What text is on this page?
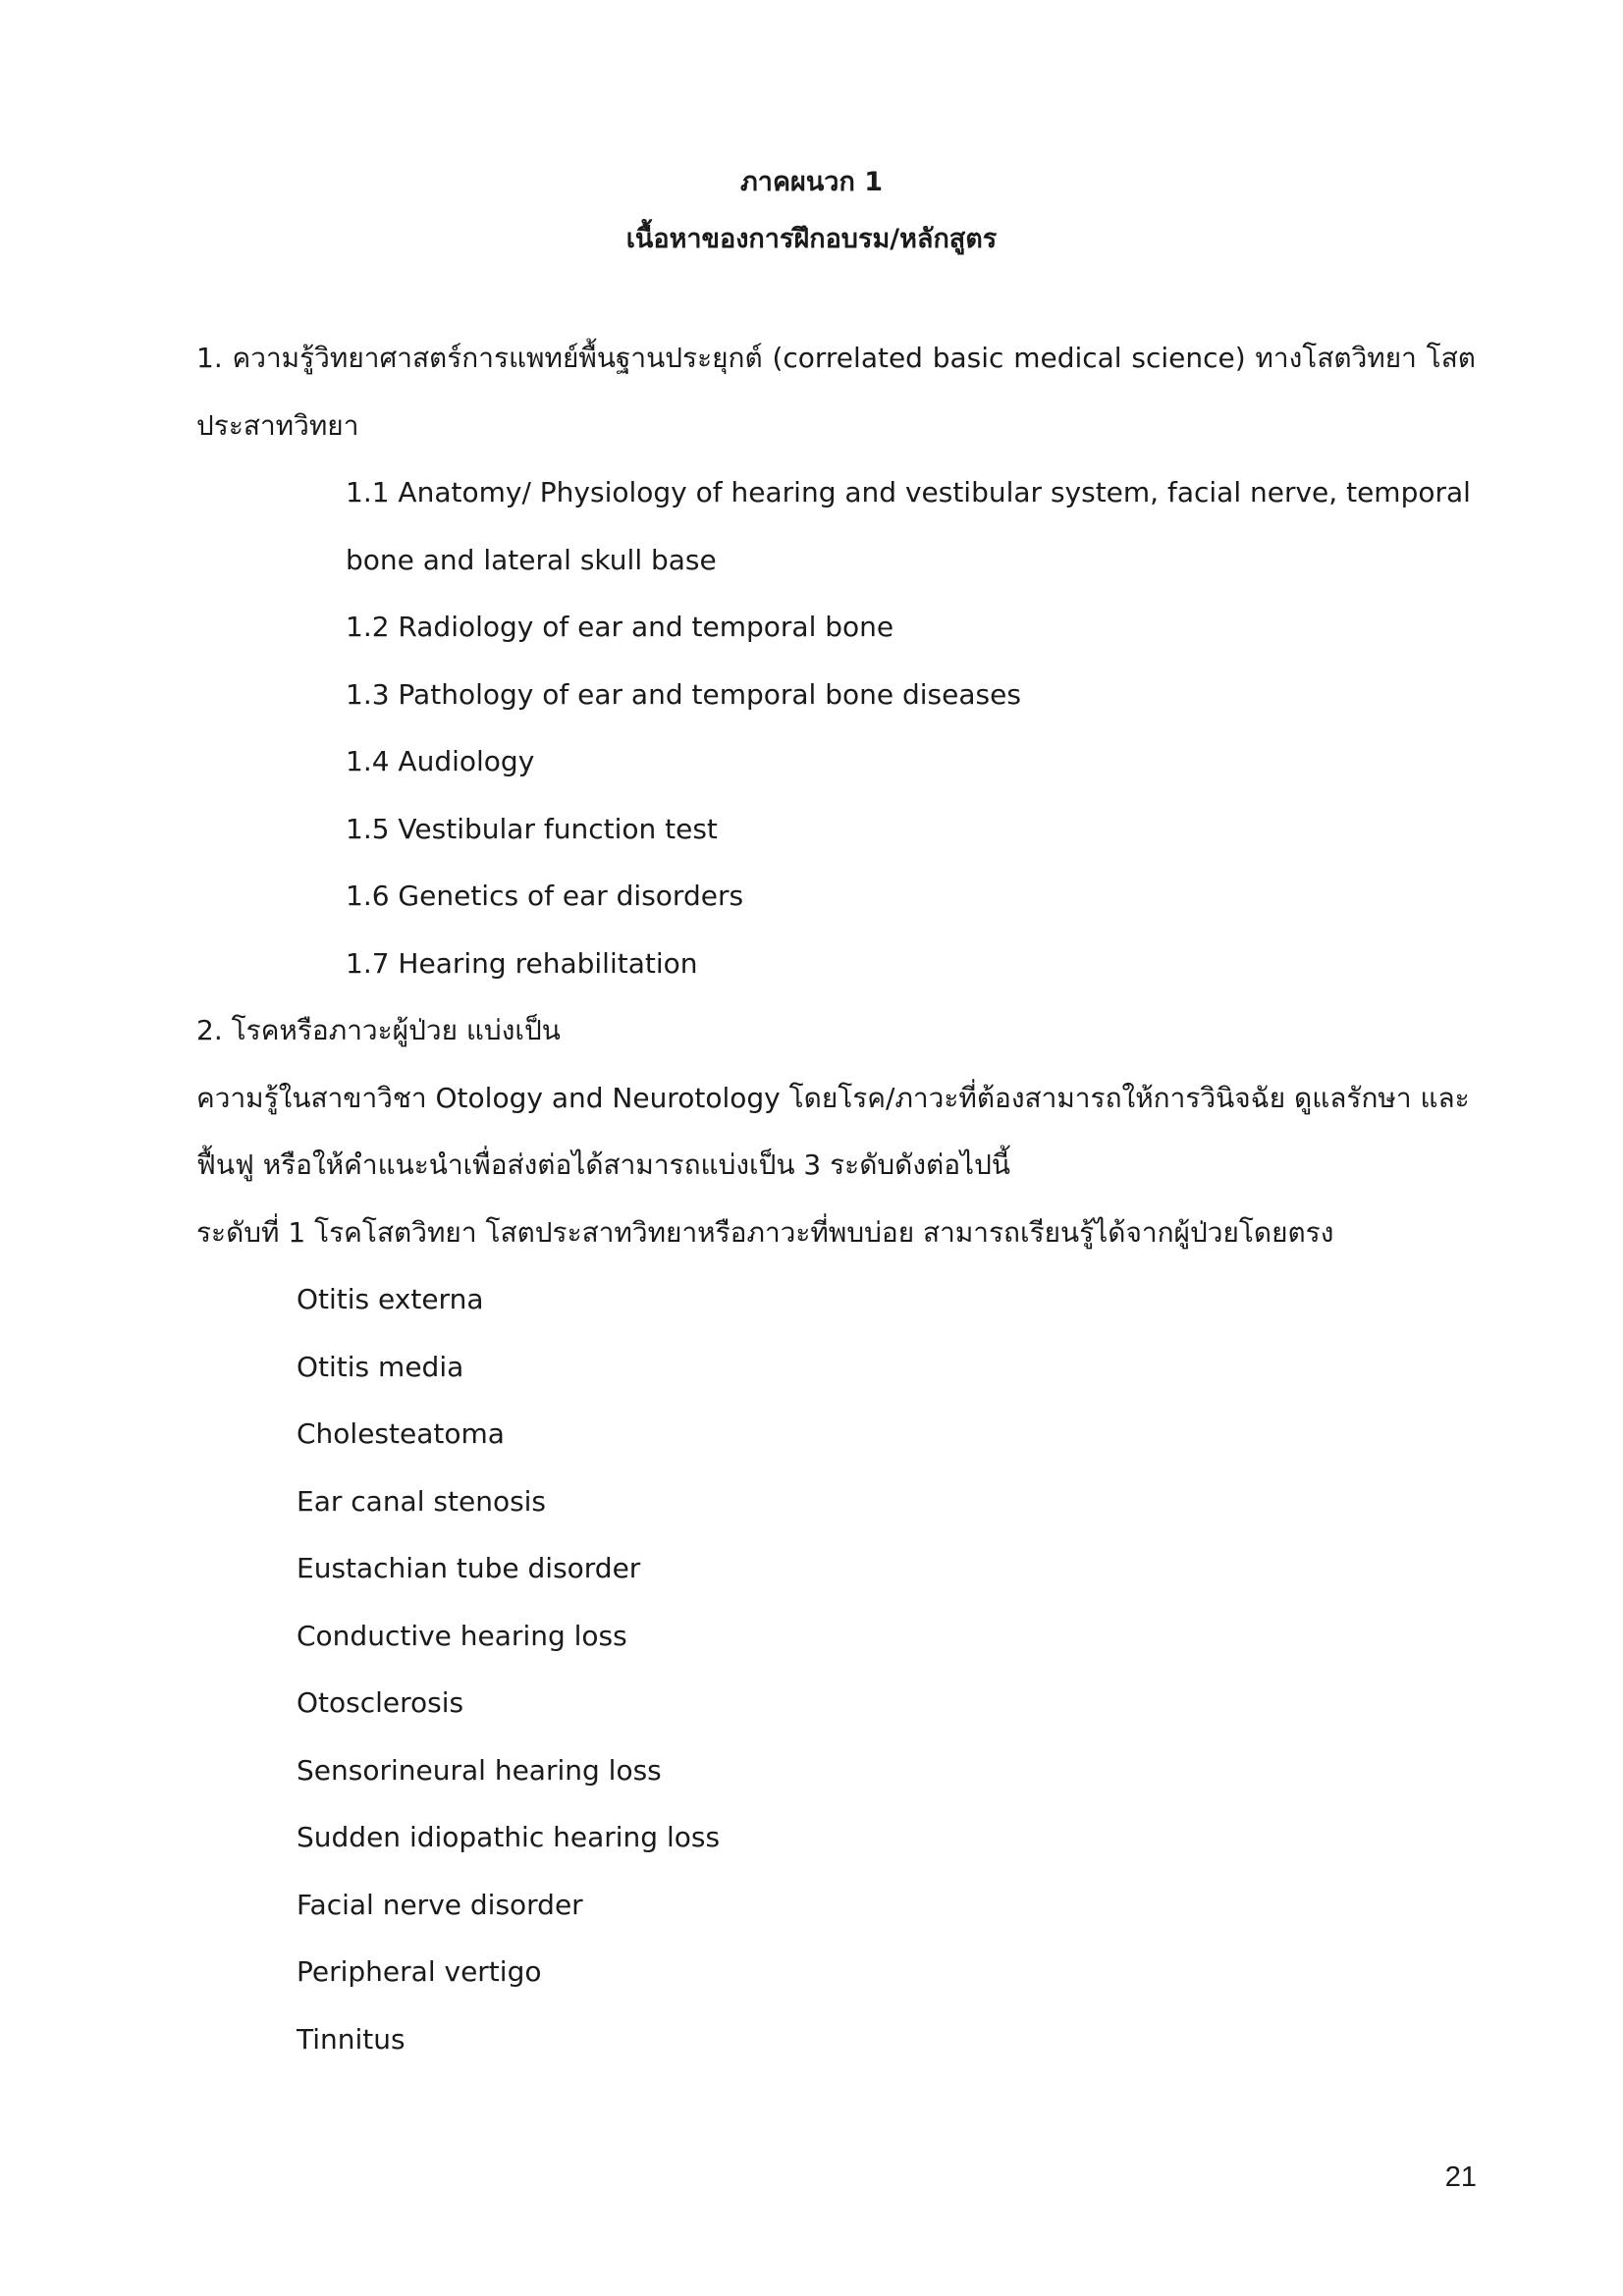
ภาคผนวก 1
เนื้อหาของการฝึกอบรม/หลักสูตร
1. ความรู้วิทยาศาสตร์การแพทย์พื้นฐานประยุกต์ (correlated basic medical science) ทางโสตวิทยา โสต
ประสาทวิทยา
1.1 Anatomy/ Physiology of hearing and vestibular system, facial nerve, temporal
bone and lateral skull base
1.2 Radiology of ear and temporal bone
1.3 Pathology of ear and temporal bone diseases
1.4 Audiology
1.5 Vestibular function test
1.6 Genetics of ear disorders
1.7 Hearing rehabilitation
2. โรคหรือภาวะผู้ป่วย แบ่งเป็น
ความรู้ในสาขาวิชา Otology and Neurotology โดยโรค/ภาวะที่ต้องสามารถให้การวินิจฉัย ดูแลรักษา และ
ฟื้นฟู หรือให้คำแนะนำเพื่อส่งต่อได้สามารถแบ่งเป็น 3 ระดับดังต่อไปนี้
ระดับที่ 1 โรคโสตวิทยา โสตประสาทวิทยาหรือภาวะที่พบบ่อย สามารถเรียนรู้ได้จากผู้ป่วยโดยตรง
Otitis externa
Otitis media
Cholesteatoma
Ear canal stenosis
Eustachian tube disorder
Conductive hearing loss
Otosclerosis
Sensorineural hearing loss
Sudden idiopathic hearing loss
Facial nerve disorder
Peripheral vertigo
Tinnitus
21
